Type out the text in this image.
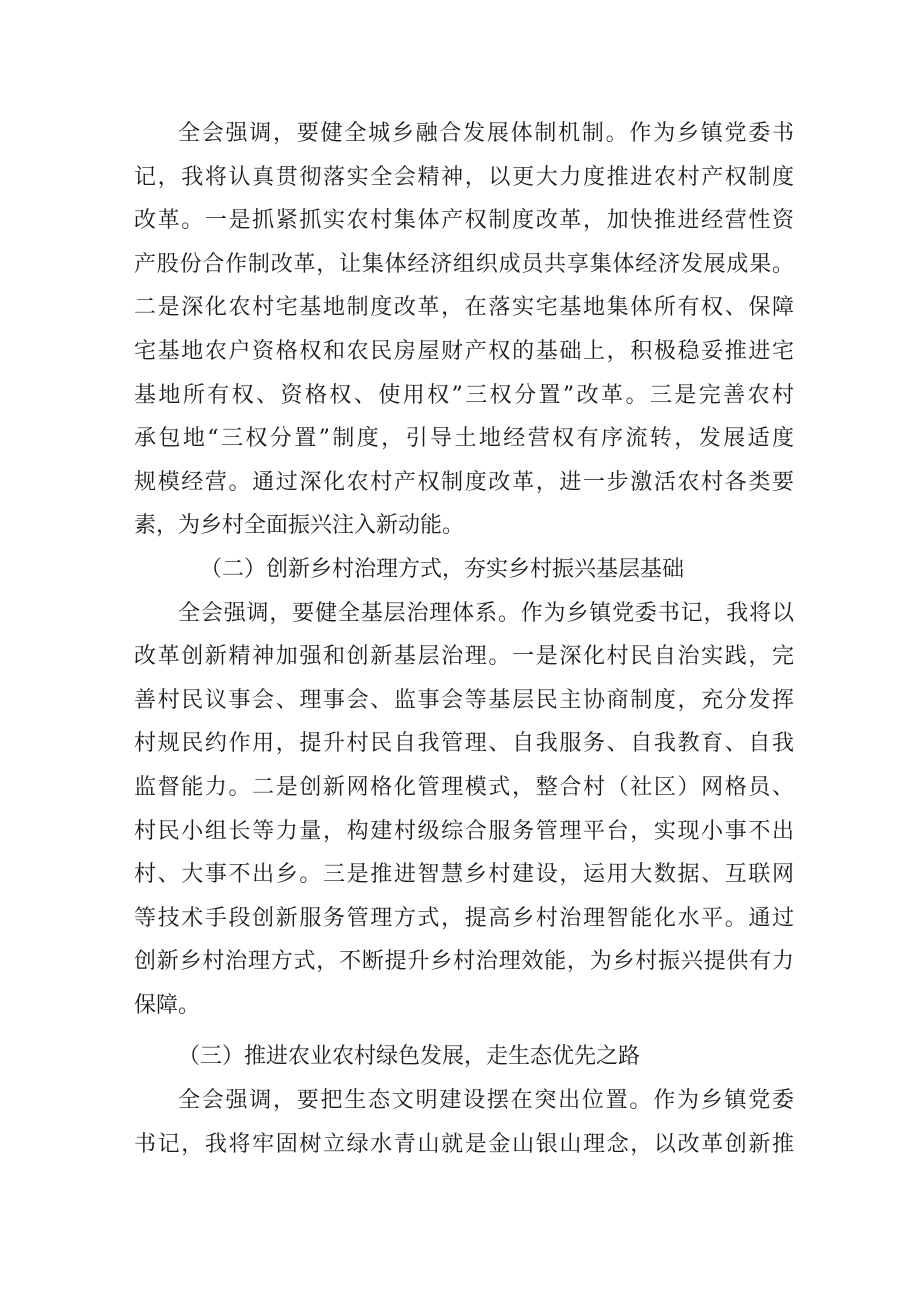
全会强调，要健全城乡融合发展体制机制。作为乡镇党委书
记，我将认真贯彻落实全会精神，以更大力度推进农村产权制度
改革。一是抓紧抓实农村集体产权制度改革，加快推进经营性资
产股份合作制改革，让集体经济组织成员共享集体经济发展成果。
二是深化农村宅基地制度改革，在落实宅基地集体所有权、保障
宅基地农户资格权和农民房屋财产权的基础上，积极稳妥推进宅
基地所有权、资格权、使用权”三权分置”改革。三是完善农村
承包地“三权分置”制度，引导土地经营权有序流转，发展适度
规模经营。通过深化农村产权制度改革，进一步激活农村各类要
素，为乡村全面振兴注入新动能。
（二）创新乡村治理方式，夯实乡村振兴基层基础
全会强调，要健全基层治理体系。作为乡镇党委书记，我将以
改革创新精神加强和创新基层治理。一是深化村民自治实践，完
善村民议事会、理事会、监事会等基层民主协商制度，充分发挥
村规民约作用，提升村民自我管理、自我服务、自我教育、自我
监督能力。二是创新网格化管理模式，整合村（社区）网格员、
村民小组长等力量，构建村级综合服务管理平台，实现小事不出
村、大事不出乡。三是推进智慧乡村建设，运用大数据、互联网
等技术手段创新服务管理方式，提高乡村治理智能化水平。通过
创新乡村治理方式，不断提升乡村治理效能，为乡村振兴提供有力
保障。
（三）推进农业农村绿色发展，走生态优先之路
全会强调，要把生态文明建设摆在突出位置。作为乡镇党委
书记，我将牢固树立绿水青山就是金山银山理念，以改革创新推
